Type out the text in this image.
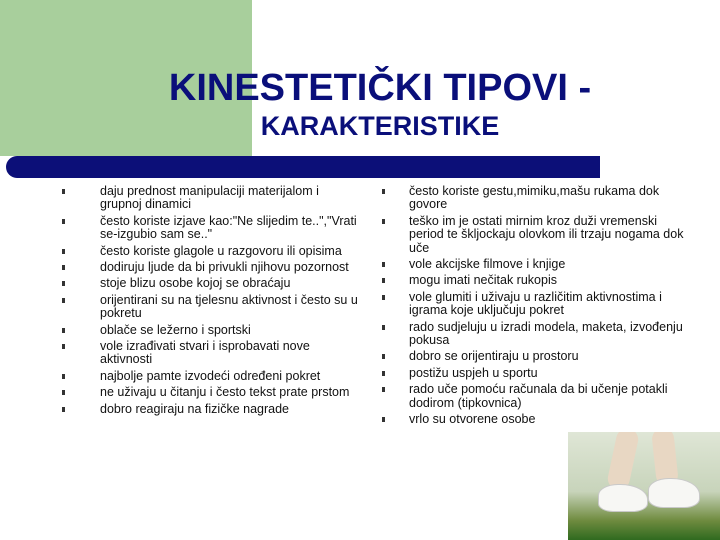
KINESTETIČKI TIPOVI -
KARAKTERISTIKE
daju prednost manipulaciji materijalom i grupnoj dinamici
često koriste izjave kao:"Ne slijedim te..","Vrati se-izgubio sam se.."
često koriste glagole u razgovoru ili opisima
dodiruju ljude da bi privukli njihovu pozornost
stoje blizu osobe kojoj se obraćaju
orijentirani su na tjelesnu aktivnost i često su u pokretu
oblače se ležerno i sportski
vole izrađivati stvari i isprobavati nove aktivnosti
najbolje pamte izvodeći određeni pokret
ne uživaju u čitanju i često tekst prate prstom
dobro reagiraju na fizičke nagrade
često koriste gestu,mimiku,mašu rukama dok govore
teško im je ostati mirnim kroz duži vremenski period te škljockaju olovkom ili trzaju nogama dok uče
vole akcijske filmove i knjige
mogu imati nečitak rukopis
vole glumiti i uživaju u različitim aktivnostima i igrama koje uključuju pokret
rado sudjeluju u izradi modela, maketa, izvođenju pokusa
dobro se orijentiraju u prostoru
postižu uspjeh u sportu
rado uče pomoću računala da bi učenje potakli dodirom (tipkovnica)
vrlo su otvorene osobe
